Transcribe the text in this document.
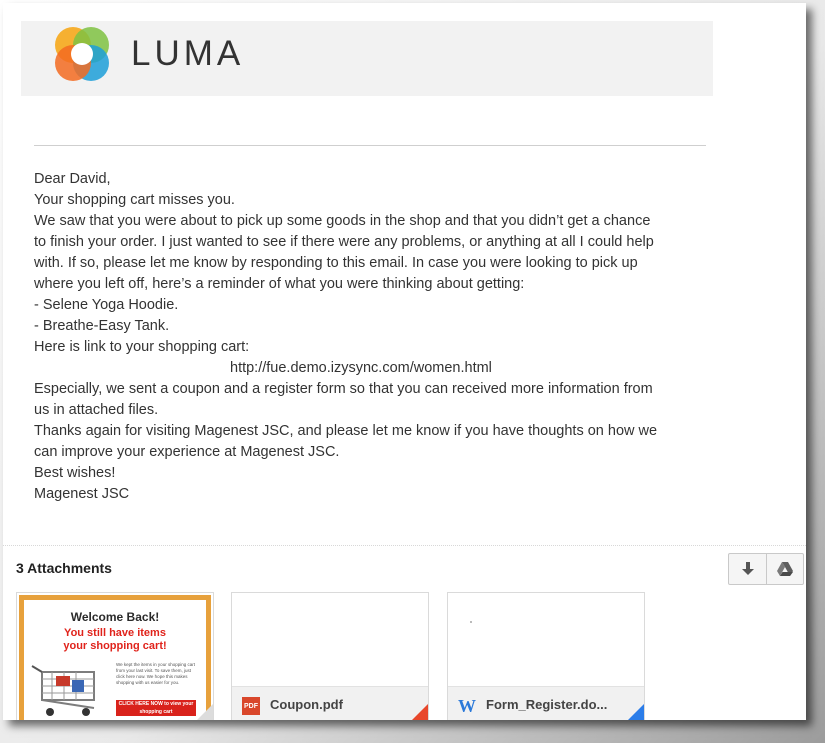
LUMA

Dear David,

Your shopping cart misses you.

We saw that you were about to pick up some goods in the shop and that you didn’t get a chance

to finish your order. I just wanted to see if there were any problems, or anything at all I could help

with. If so, please let me know by responding to this email. In case you were looking to pick up

where you left off, here’s a reminder of what you were thinking about getting:

- Selene Yoga Hoodie.

- Breathe-Easy Tank.

Here is link to your shopping cart:

http://fue.demo.izysync.com/women.html

Especially, we sent a coupon and a register form so that you can received more information from

us in attached files.

Thanks again for visiting Magenest JSC, and please let me know if you have thoughts on how we

can improve your experience at Magenest JSC.

Best wishes!

Magenest JSC

3 Attachments
Welcome Back!
You still have items
your shopping cart!
We kept the items in your shopping cart from your last visit. To save them, just click here now. We hope this makes shopping with us easier for you.
CLICK HERE NOW to view your shopping cart
PDF Coupon.pdf	W Form_Register.do...
